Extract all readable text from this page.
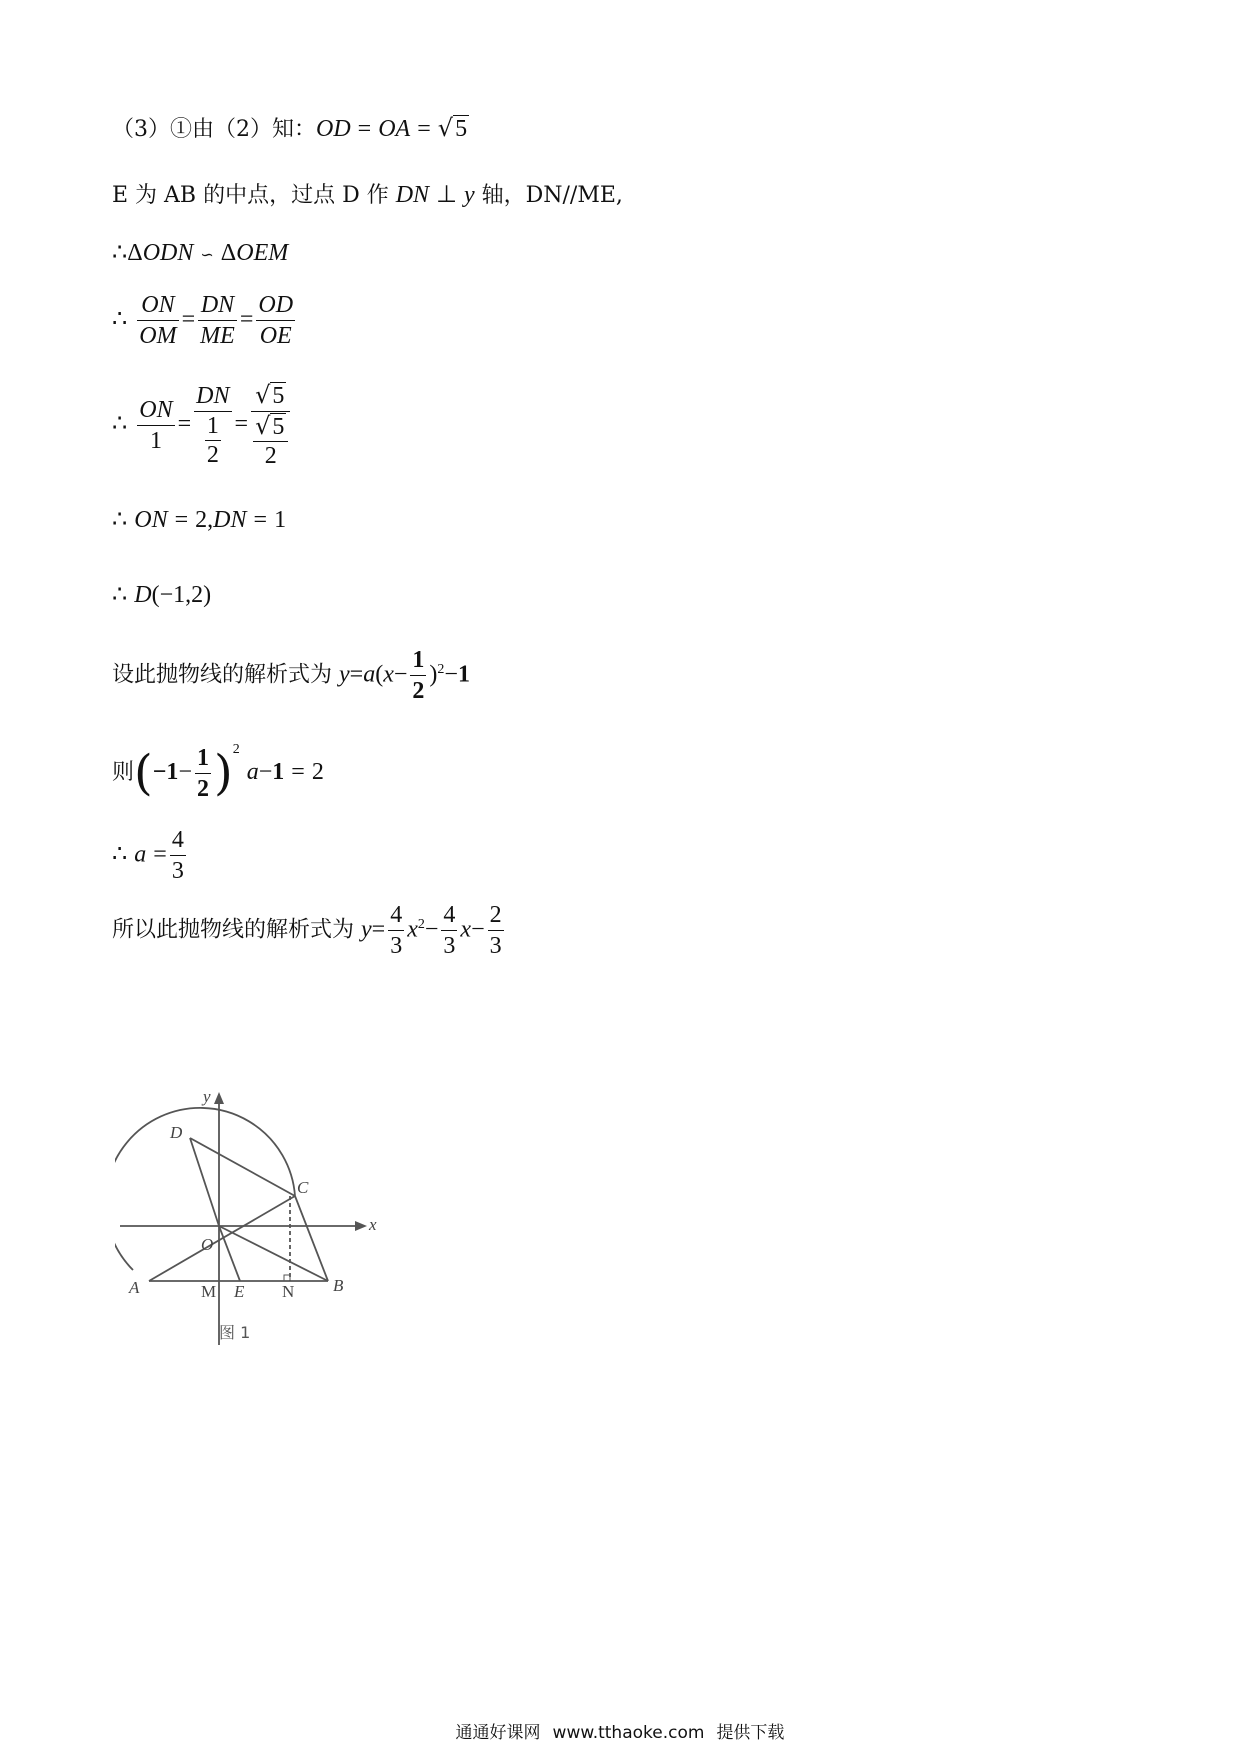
（3）①由（2）知：OD = OA = √5
E 为 AB 的中点，过点 D 作 DN ⊥ y 轴，DN//ME,
∴ΔODN ∽ ΔOEM
∴ $\frac{ON}{OM} = \frac{DN}{ME} = \frac{OD}{OE}$
∴ $\frac{ON}{1} = \frac{DN}{\frac{1}{2}} = \frac{√5}{\frac{√5}{2}}$
∴ ON = 2,DN = 1
∴ D(−1,2)
设此抛物线的解析式为 $y=a(x- \frac{1}{2} )^2-1$
则$(-1- \frac{1}{2} )^2$ a−1 = 2
∴ $a = \frac{4}{3}$
所以此抛物线的解析式为 $y= \frac{4}{3} x^2- \frac{4}{3} x- \frac{2}{3}$
y
x
D
C
O
A	M E N B
图 1
通通好课网 www.tthaoke.com 提供下载
